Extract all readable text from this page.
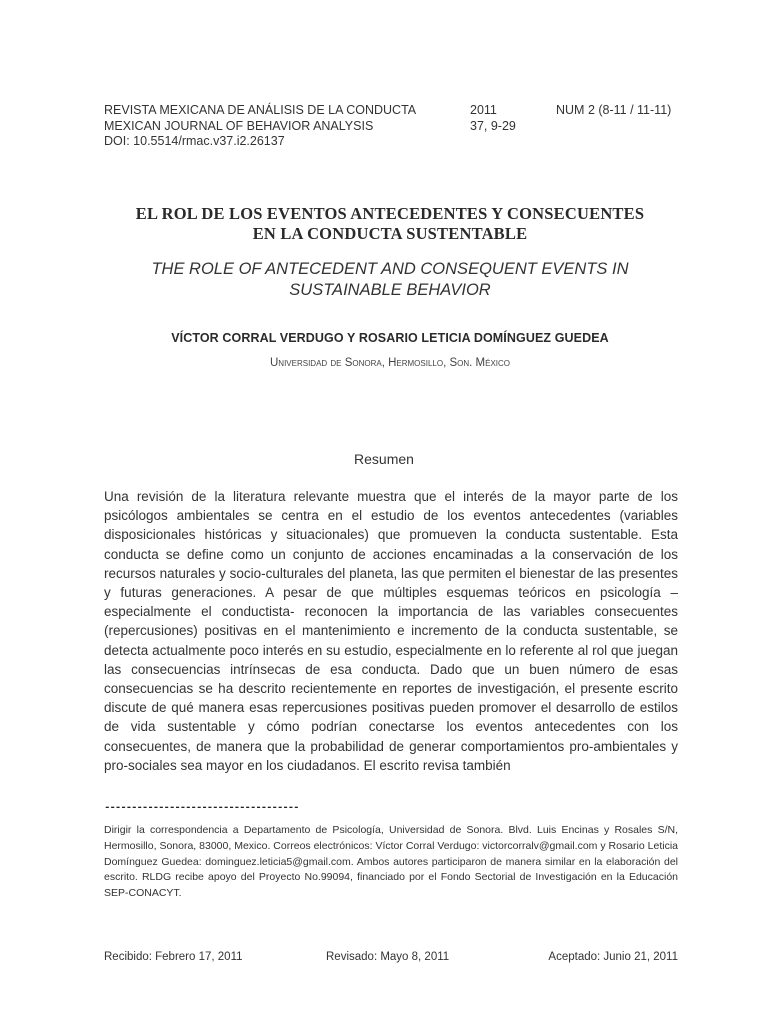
REVISTA MEXICANA DE ANÁLISIS DE LA CONDUCTA
MEXICAN JOURNAL OF BEHAVIOR ANALYSIS
DOI: 10.5514/rmac.v37.i2.26137
2011
37, 9-29
NUM 2 (8-11 / 11-11)
EL ROL DE LOS EVENTOS ANTECEDENTES Y CONSECUENTES
EN LA CONDUCTA SUSTENTABLE
THE ROLE OF ANTECEDENT AND CONSEQUENT EVENTS IN
SUSTAINABLE BEHAVIOR
VÍCTOR CORRAL VERDUGO Y ROSARIO LETICIA DOMÍNGUEZ GUEDEA
Universidad de Sonora, Hermosillo, Son. México
Resumen

Una revisión de la literatura relevante muestra que el interés de la mayor parte de los psicólogos ambientales se centra en el estudio de los eventos antecedentes (variables disposicionales históricas y situacionales) que promueven la conducta sustentable. Esta conducta se define como un conjunto de acciones encaminadas a la conservación de los recursos naturales y socio-culturales del planeta, las que permiten el bienestar de las presentes y futuras generaciones. A pesar de que múltiples esquemas teóricos en psicología –especialmente el conductista- reconocen la importancia de las variables consecuentes (repercusiones) positivas en el mantenimiento e incremento de la conducta sustentable, se detecta actualmente poco interés en su estudio, especialmente en lo referente al rol que juegan las consecuencias intrínsecas de esa conducta. Dado que un buen número de esas consecuencias se ha descrito recientemente en reportes de investigación, el presente escrito discute de qué manera esas repercusiones positivas pueden promover el desarrollo de estilos de vida sustentable y cómo podrían conectarse los eventos antecedentes con los consecuentes, de manera que la probabilidad de generar comportamientos pro-ambientales y pro-sociales sea mayor en los ciudadanos. El escrito revisa también

------------------------------------

Dirigir la correspondencia a Departamento de Psicología, Universidad de Sonora. Blvd. Luis Encinas y Rosales S/N, Hermosillo, Sonora, 83000, Mexico. Correos electrónicos: Víctor Corral Verdugo: victorcorralv@gmail.com y Rosario Leticia Domínguez Guedea: dominguez.leticia5@gmail.com. Ambos autores participaron de manera similar en la elaboración del escrito. RLDG recibe apoyo del Proyecto No.99094, financiado por el Fondo Sectorial de Investigación en la Educación SEP-CONACYT.

Recibido: Febrero 17, 2011	Revisado: Mayo 8, 2011	Aceptado: Junio 21, 2011
